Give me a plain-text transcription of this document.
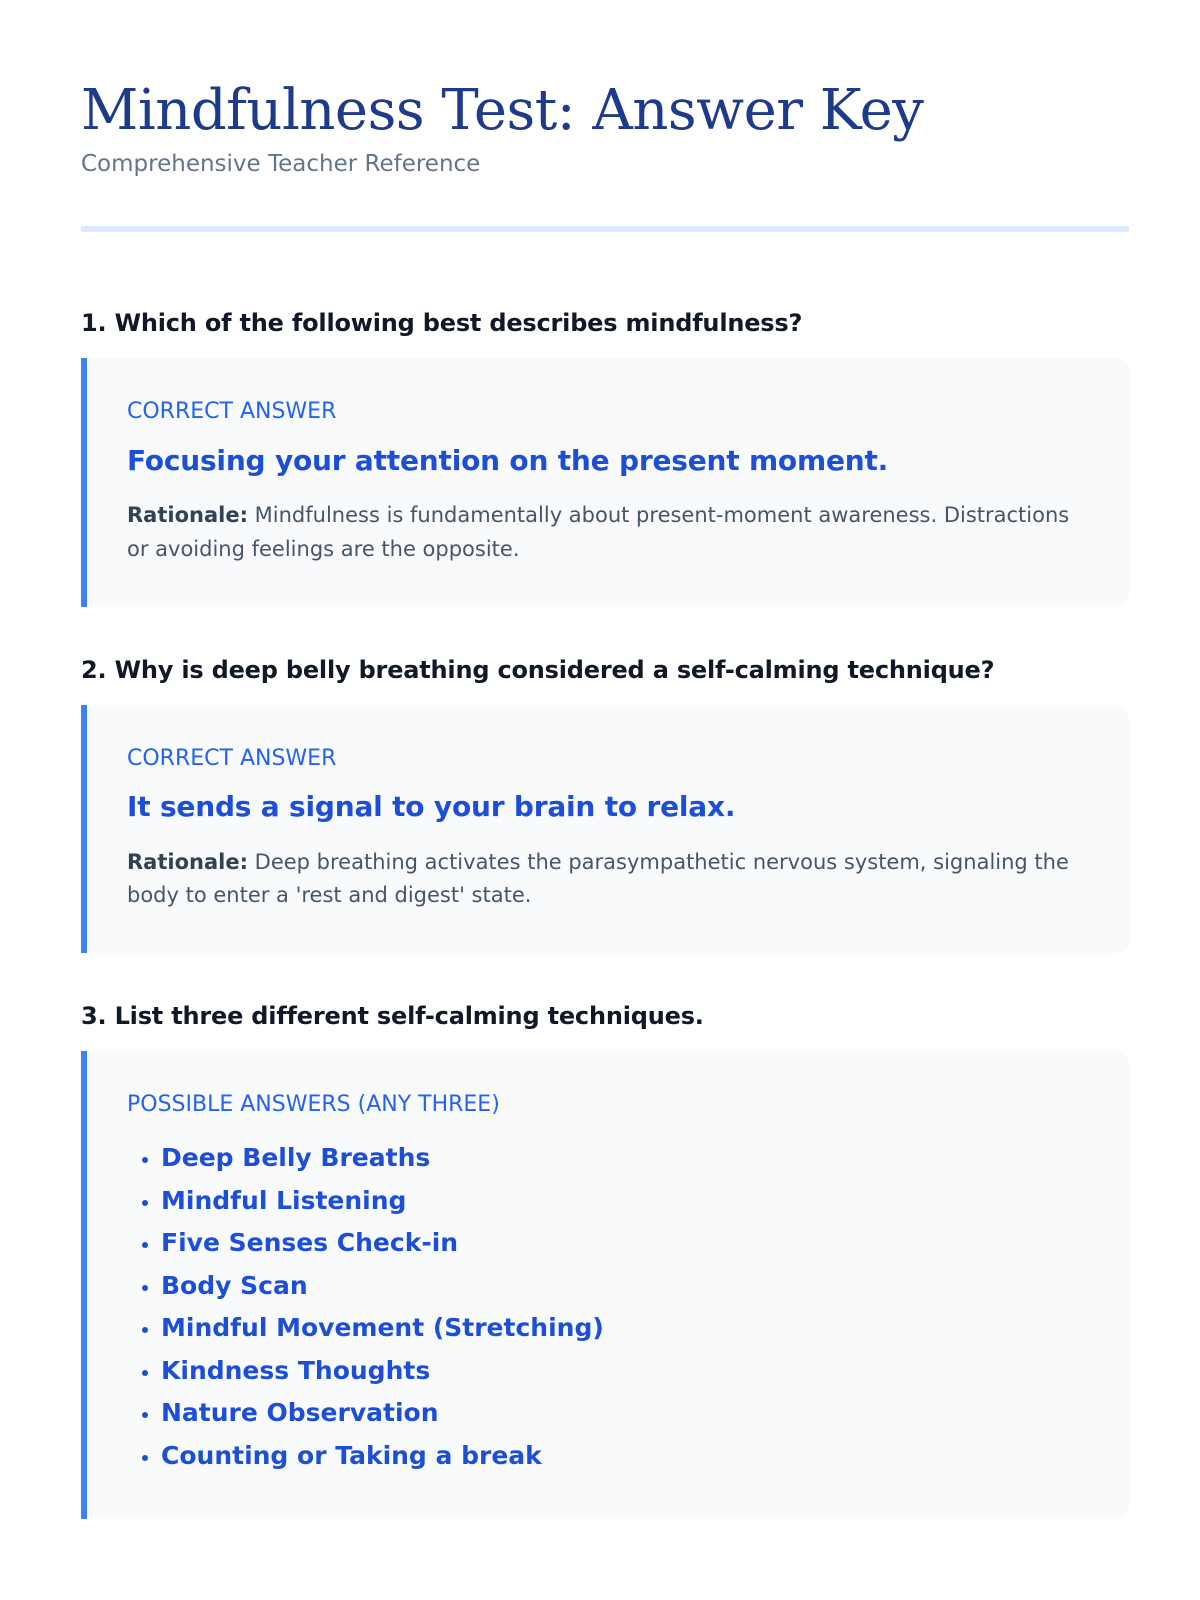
Mindfulness Test: Answer Key
Comprehensive Teacher Reference
1. Which of the following best describes mindfulness?
CORRECT ANSWER
Focusing your attention on the present moment.
Rationale: Mindfulness is fundamentally about present-moment awareness. Distractions or avoiding feelings are the opposite.
2. Why is deep belly breathing considered a self-calming technique?
CORRECT ANSWER
It sends a signal to your brain to relax.
Rationale: Deep breathing activates the parasympathetic nervous system, signaling the body to enter a 'rest and digest' state.
3. List three different self-calming techniques.
POSSIBLE ANSWERS (ANY THREE)
• Deep Belly Breaths
• Mindful Listening
• Five Senses Check-in
• Body Scan
• Mindful Movement (Stretching)
• Kindness Thoughts
• Nature Observation
• Counting or Taking a break
